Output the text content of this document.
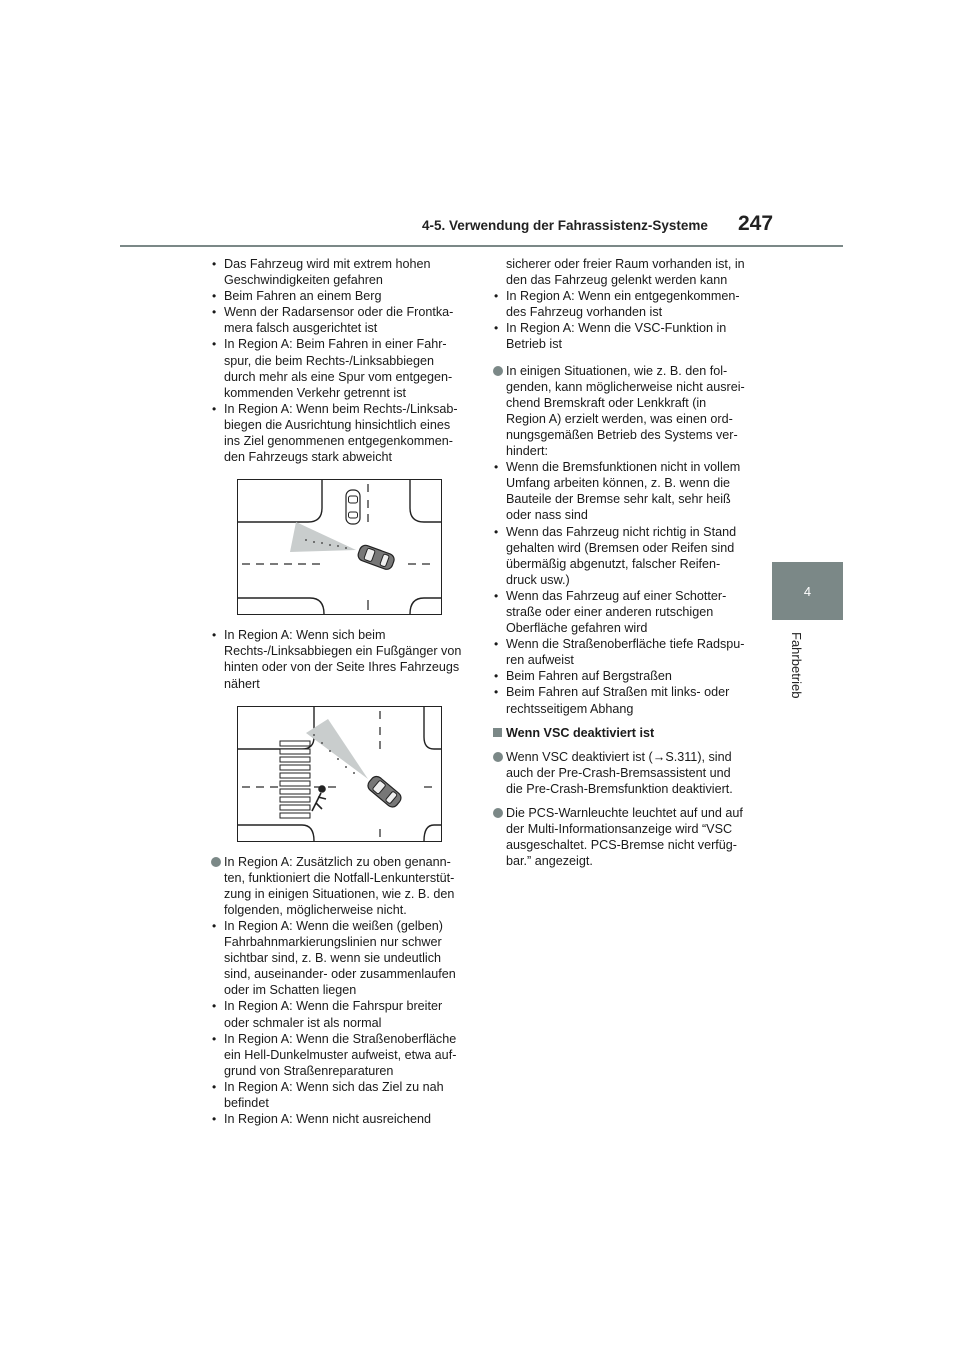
4-5. Verwendung der Fahrassistenz-Systeme 247
4
Fahrbetrieb

• Das Fahrzeug wird mit extrem hohen Geschwindigkeiten gefahren

• Beim Fahren an einem Berg

• Wenn der Radarsensor oder die Frontka-mera falsch ausgerichtet ist

• In Region A: Beim Fahren in einer Fahr-spur, die beim Rechts-/Linksabbiegen durch mehr als eine Spur vom entgegen-kommenden Verkehr getrennt ist

• In Region A: Wenn beim Rechts-/Linksab-biegen die Ausrichtung hinsichtlich eines ins Ziel genommenen entgegenkommen-den Fahrzeugs stark abweicht

• In Region A: Wenn sich beim Rechts-/Linksabbiegen ein Fußgänger von hinten oder von der Seite Ihres Fahrzeugs nähert

In Region A: Zusätzlich zu oben genann-ten, funktioniert die Notfall-Lenkunterstüt-zung in einigen Situationen, wie z. B. den folgenden, möglicherweise nicht.

• In Region A: Wenn die weißen (gelben) Fahrbahnmarkierungslinien nur schwer sichtbar sind, z. B. wenn sie undeutlich sind, auseinander- oder zusammenlaufen oder im Schatten liegen

• In Region A: Wenn die Fahrspur breiter oder schmaler ist als normal

• In Region A: Wenn die Straßenoberfläche ein Hell-Dunkelmuster aufweist, etwa auf-grund von Straßenreparaturen

• In Region A: Wenn sich das Ziel zu nah befindet

• In Region A: Wenn nicht ausreichend

sicherer oder freier Raum vorhanden ist, in den das Fahrzeug gelenkt werden kann

• In Region A: Wenn ein entgegenkommen-des Fahrzeug vorhanden ist

• In Region A: Wenn die VSC-Funktion in Betrieb ist

In einigen Situationen, wie z. B. den fol-genden, kann möglicherweise nicht ausrei-chend Bremskraft oder Lenkkraft (in Region A) erzielt werden, was einen ord-nungsgemäßen Betrieb des Systems ver-hindert:

• Wenn die Bremsfunktionen nicht in vollem Umfang arbeiten können, z. B. wenn die Bauteile der Bremse sehr kalt, sehr heiß oder nass sind

• Wenn das Fahrzeug nicht richtig in Stand gehalten wird (Bremsen oder Reifen sind übermäßig abgenutzt, falscher Reifen-druck usw.)

• Wenn das Fahrzeug auf einer Schotter-straße oder einer anderen rutschigen Oberfläche gefahren wird

• Wenn die Straßenoberfläche tiefe Radspu-ren aufweist

• Beim Fahren auf Bergstraßen

• Beim Fahren auf Straßen mit links- oder rechtsseitigem Abhang

Wenn VSC deaktiviert ist

Wenn VSC deaktiviert ist (→S.311), sind auch der Pre-Crash-Bremsassistent und die Pre-Crash-Bremsfunktion deaktiviert.

Die PCS-Warnleuchte leuchtet auf und auf der Multi-Informationsanzeige wird “VSC ausgeschaltet. PCS-Bremse nicht verfüg-bar.” angezeigt.
